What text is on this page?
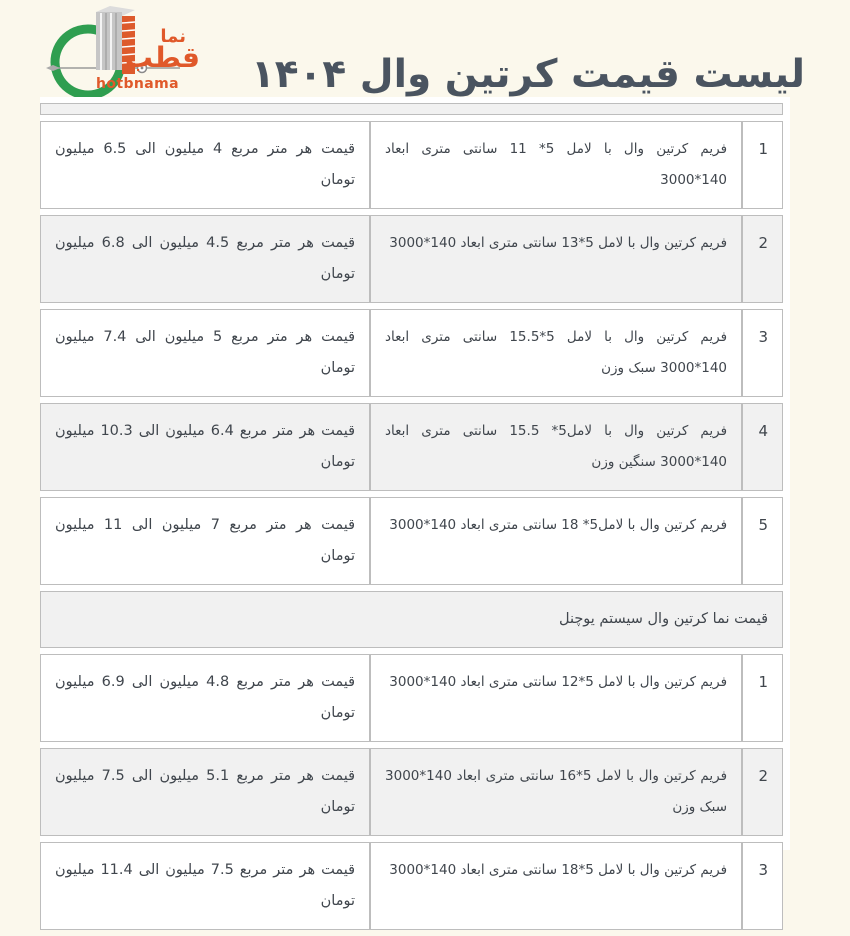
نما
قطب
hotbnama لیست قیمت کرتین وال ۱۴۰۴

1	فریم کرتین وال با لامل 5* 11 سانتی متری ابعاد 140*3000	قیمت هر متر مربع 4 میلیون الی 6.5 میلیون تومان
2	فریم کرتین وال با لامل 5*13 سانتی متری ابعاد 140*3000	قیمت هر متر مربع 4.5 میلیون الی 6.8 میلیون تومان
3	فریم کرتین وال با لامل 5*15.5 سانتی متری ابعاد 140*3000 سبک وزن	قیمت هر متر مربع 5 میلیون الی 7.4 میلیون تومان
4	فریم کرتین وال با لامل5* 15.5 سانتی متری ابعاد 140*3000 سنگین وزن	قیمت هر متر مربع 6.4 میلیون الی 10.3 میلیون تومان
5	فریم کرتین وال با لامل5* 18 سانتی متری ابعاد 140*3000	قیمت هر متر مربع 7 میلیون الی 11 میلیون تومان
قیمت نما کرتین وال سیستم یوچنل		
1	فریم کرتین وال با لامل 5*12 سانتی متری ابعاد 140*3000	قیمت هر متر مربع 4.8 میلیون الی 6.9 میلیون تومان
2	فریم کرتین وال با لامل 5*16 سانتی متری ابعاد 140*3000 سبک وزن	قیمت هر متر مربع 5.1 میلیون الی 7.5 میلیون تومان
3	فریم کرتین وال با لامل 5*18 سانتی متری ابعاد 140*3000	قیمت هر متر مربع 7.5 میلیون الی 11.4 میلیون تومان
